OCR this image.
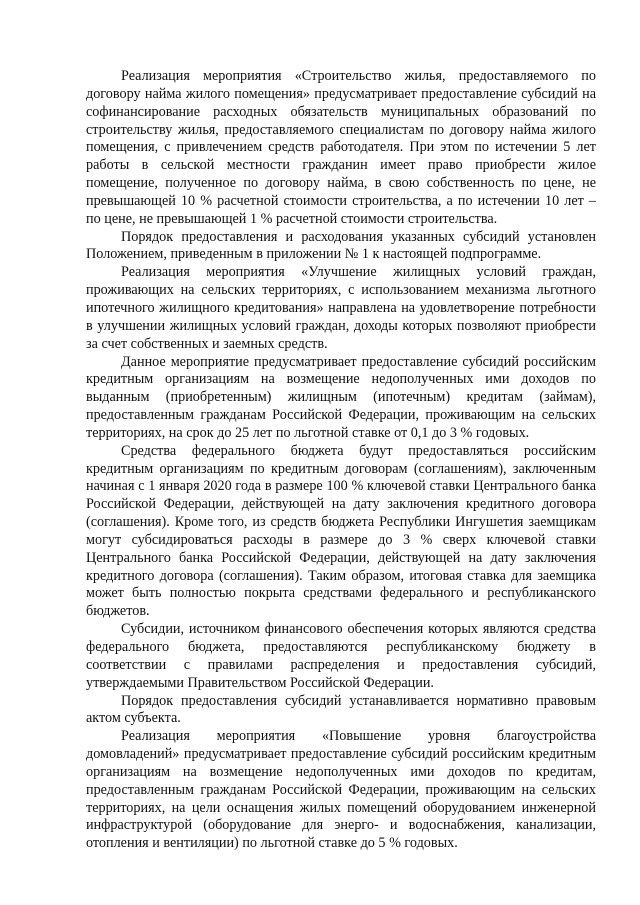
Реализация мероприятия «Строительство жилья, предоставляемого по договору найма жилого помещения» предусматривает предоставление субсидий на софинансирование расходных обязательств муниципальных образований по строительству жилья, предоставляемого специалистам по договору найма жилого помещения, с привлечением средств работодателя. При этом по истечении 5 лет работы в сельской местности гражданин имеет право приобрести жилое помещение, полученное по договору найма, в свою собственность по цене, не превышающей 10 % расчетной стоимости строительства, а по истечении 10 лет – по цене, не превышающей 1 % расчетной стоимости строительства.

Порядок предоставления и расходования указанных субсидий установлен Положением, приведенным в приложении № 1 к настоящей подпрограмме.

Реализация мероприятия «Улучшение жилищных условий граждан, проживающих на сельских территориях, с использованием механизма льготного ипотечного жилищного кредитования» направлена на удовлетворение потребности в улучшении жилищных условий граждан, доходы которых позволяют приобрести за счет собственных и заемных средств.

Данное мероприятие предусматривает предоставление субсидий российским кредитным организациям на возмещение недополученных ими доходов по выданным (приобретенным) жилищным (ипотечным) кредитам (займам), предоставленным гражданам Российской Федерации, проживающим на сельских территориях, на срок до 25 лет по льготной ставке от 0,1 до 3 % годовых.

Средства федерального бюджета будут предоставляться российским кредитным организациям по кредитным договорам (соглашениям), заключенным начиная с 1 января 2020 года в размере 100 % ключевой ставки Центрального банка Российской Федерации, действующей на дату заключения кредитного договора (соглашения). Кроме того, из средств бюджета Республики Ингушетия заемщикам могут субсидироваться расходы в размере до 3 % сверх ключевой ставки Центрального банка Российской Федерации, действующей на дату заключения кредитного договора (соглашения). Таким образом, итоговая ставка для заемщика может быть полностью покрыта средствами федерального и республиканского бюджетов.

Субсидии, источником финансового обеспечения которых являются средства федерального бюджета, предоставляются республиканскому бюджету в соответствии с правилами распределения и предоставления субсидий, утверждаемыми Правительством Российской Федерации.

Порядок предоставления субсидий устанавливается нормативно правовым актом субъекта.

Реализация мероприятия «Повышение уровня благоустройства домовладений» предусматривает предоставление субсидий российским кредитным организациям на возмещение недополученных ими доходов по кредитам, предоставленным гражданам Российской Федерации, проживающим на сельских территориях, на цели оснащения жилых помещений оборудованием инженерной инфраструктурой (оборудование для энерго- и водоснабжения, канализации, отопления и вентиляции) по льготной ставке до 5 % годовых.
